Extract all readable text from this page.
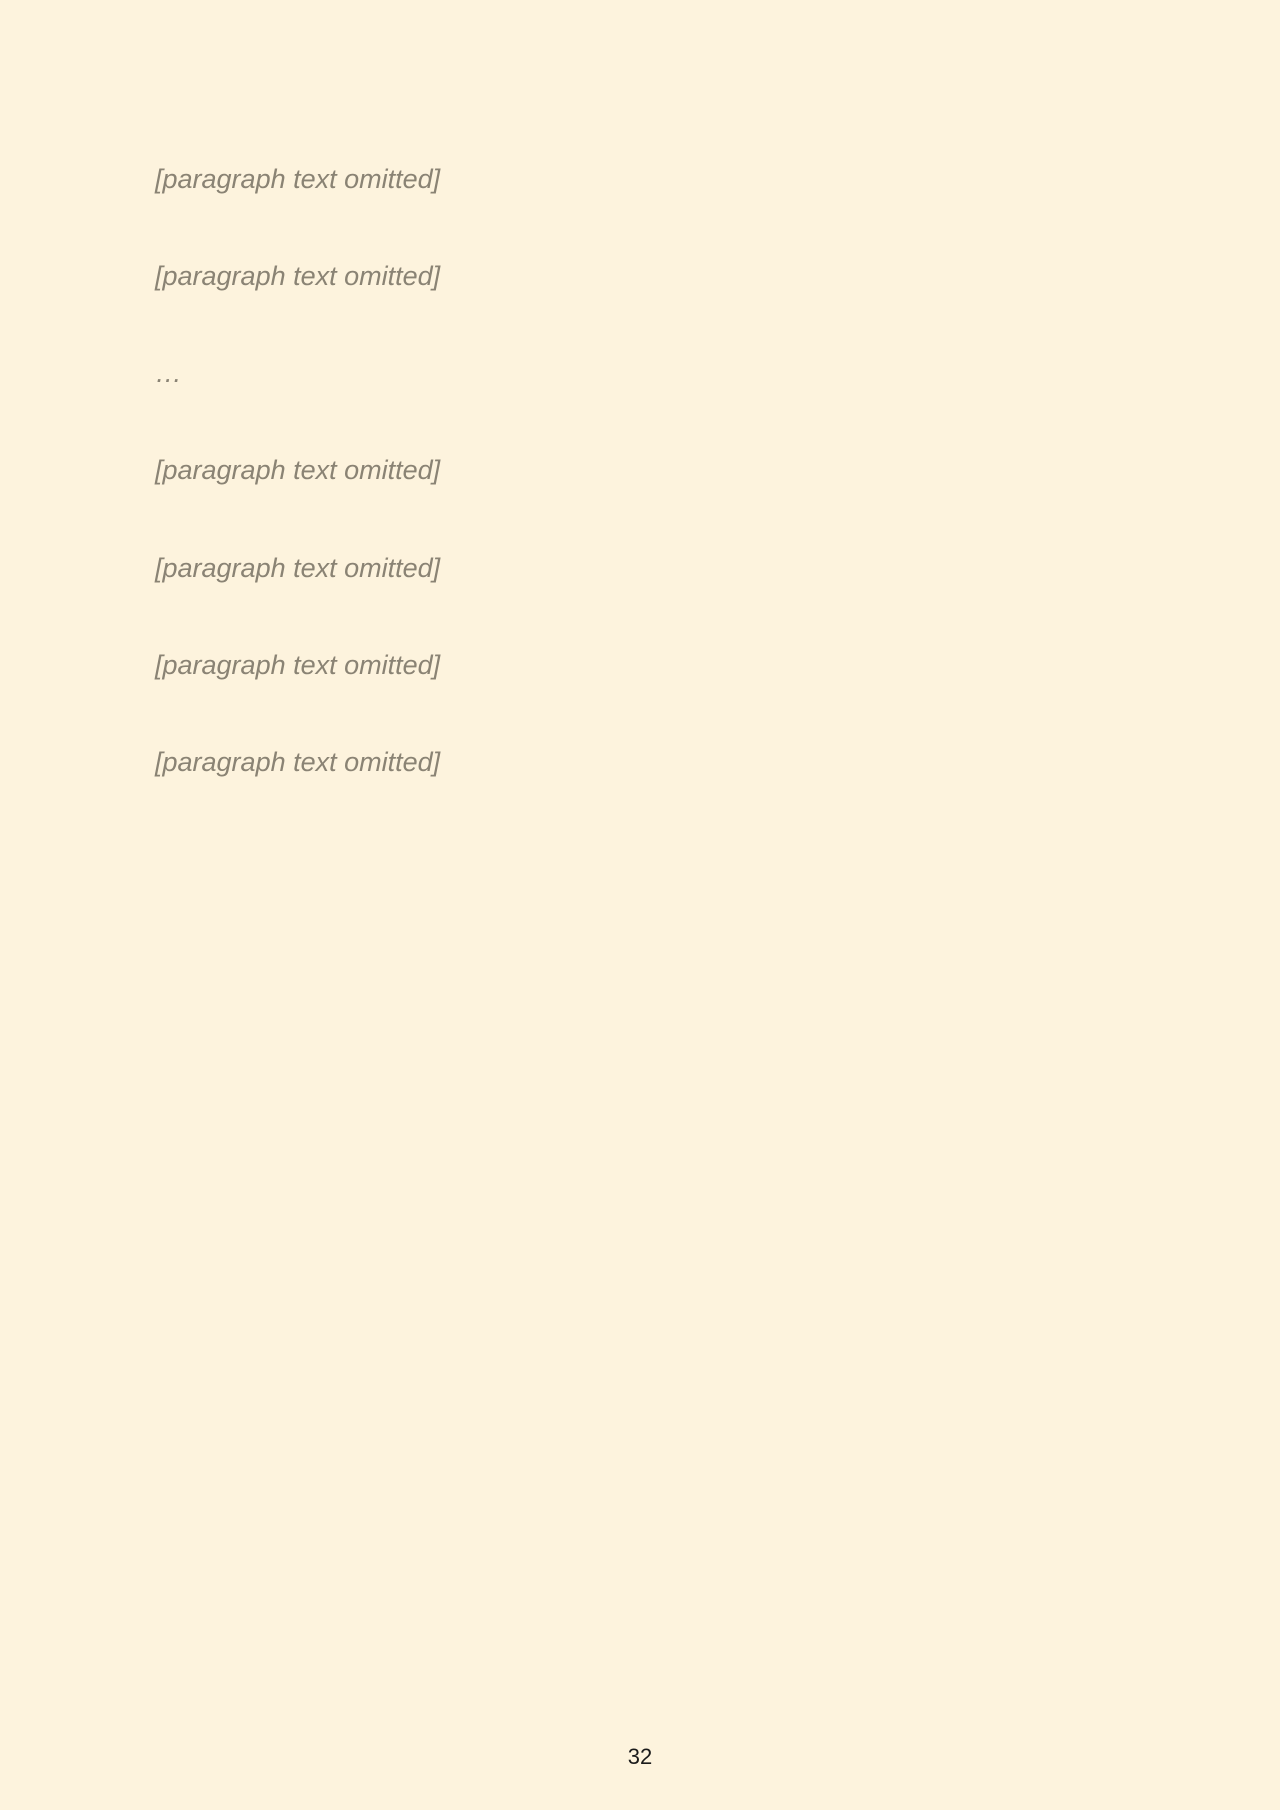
[paragraph text omitted]

[paragraph text omitted]

…

[paragraph text omitted]

[paragraph text omitted]

[paragraph text omitted]

[paragraph text omitted]

32
